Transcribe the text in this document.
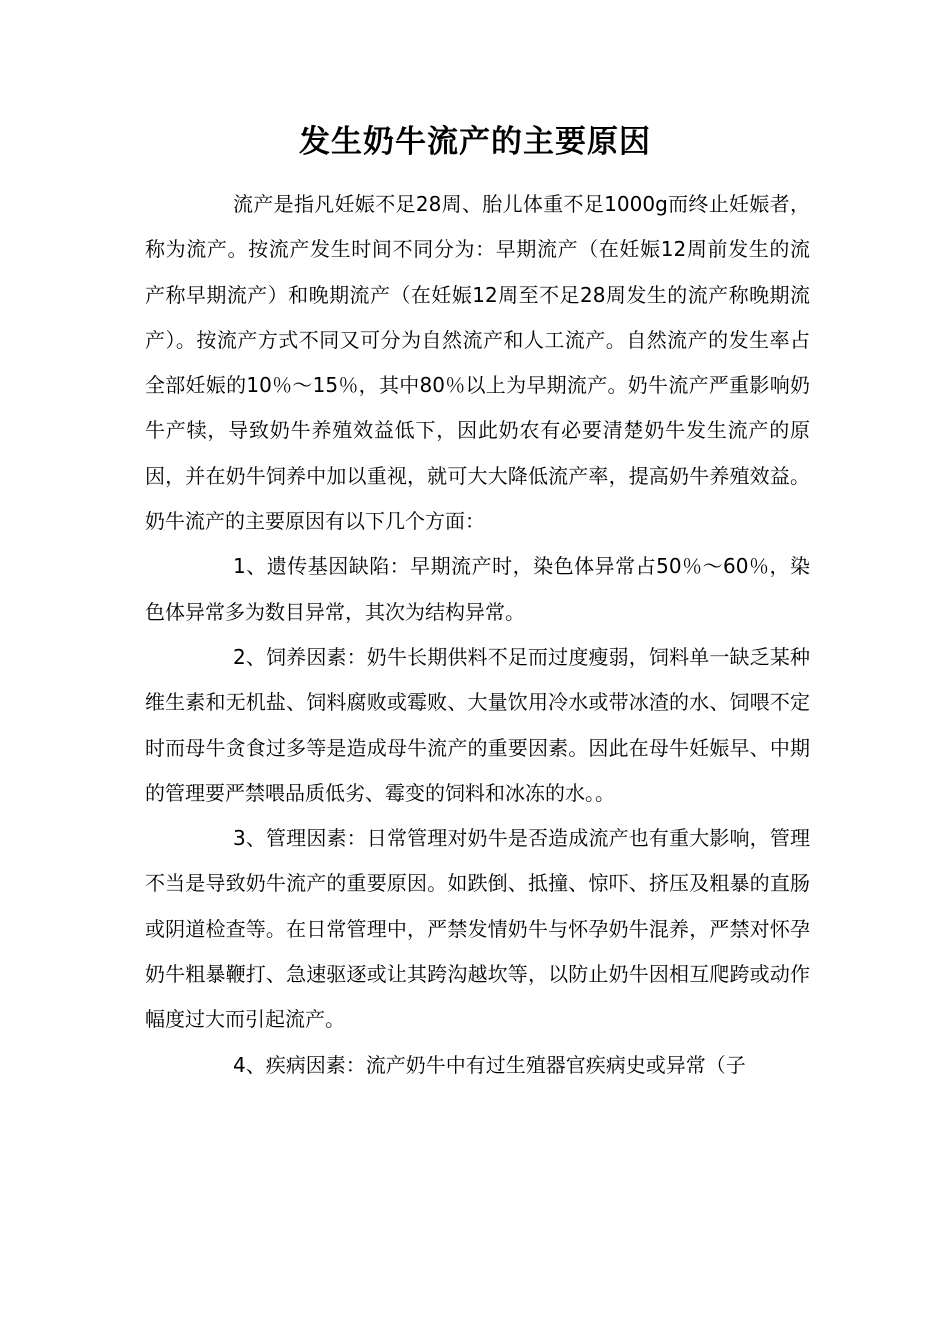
发生奶牛流产的主要原因

流产是指凡妊娠不足28周、胎儿体重不足1000g而终止妊娠者，称为流产。按流产发生时间不同分为：早期流产（在妊娠12周前发生的流产称早期流产）和晚期流产（在妊娠12周至不足28周发生的流产称晚期流产）。按流产方式不同又可分为自然流产和人工流产。自然流产的发生率占全部妊娠的10％～15％，其中80％以上为早期流产。奶牛流产严重影响奶牛产犊，导致奶牛养殖效益低下，因此奶农有必要清楚奶牛发生流产的原因，并在奶牛饲养中加以重视，就可大大降低流产率，提高奶牛养殖效益。奶牛流产的主要原因有以下几个方面：

1、遗传基因缺陷：早期流产时，染色体异常占50％～60％，染色体异常多为数目异常，其次为结构异常。

2、饲养因素：奶牛长期供料不足而过度瘦弱，饲料单一缺乏某种维生素和无机盐、饲料腐败或霉败、大量饮用冷水或带冰渣的水、饲喂不定时而母牛贪食过多等是造成母牛流产的重要因素。因此在母牛妊娠早、中期的管理要严禁喂品质低劣、霉变的饲料和冰冻的水。。

3、管理因素：日常管理对奶牛是否造成流产也有重大影响，管理不当是导致奶牛流产的重要原因。如跌倒、抵撞、惊吓、挤压及粗暴的直肠或阴道检查等。在日常管理中，严禁发情奶牛与怀孕奶牛混养，严禁对怀孕奶牛粗暴鞭打、急速驱逐或让其跨沟越坎等，以防止奶牛因相互爬跨或动作幅度过大而引起流产。

4、疾病因素：流产奶牛中有过生殖器官疾病史或异常（子
